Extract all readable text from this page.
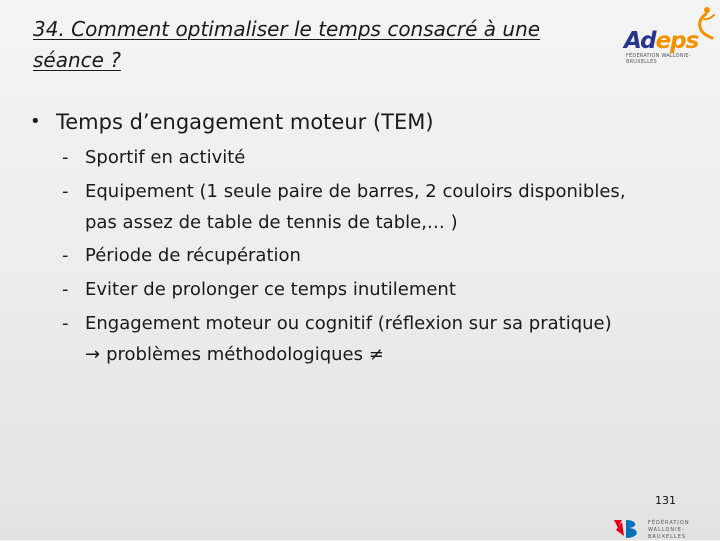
34. Comment optimaliser le temps consacré à une séance ?
Adeps
FÉDÉRATION WALLONIE-BRUXELLES
• Temps d’engagement moteur (TEM)
- Sportif en activité
- Equipement (1 seule paire de barres, 2 couloirs disponibles,
pas assez de table de tennis de table,… )
- Période de récupération
- Eviter de prolonger ce temps inutilement
- Engagement moteur ou cognitif (réflexion sur sa pratique)
→ problèmes méthodologiques ≠
131
FÉDÉRATION
WALLONIE-BRUXELLES
